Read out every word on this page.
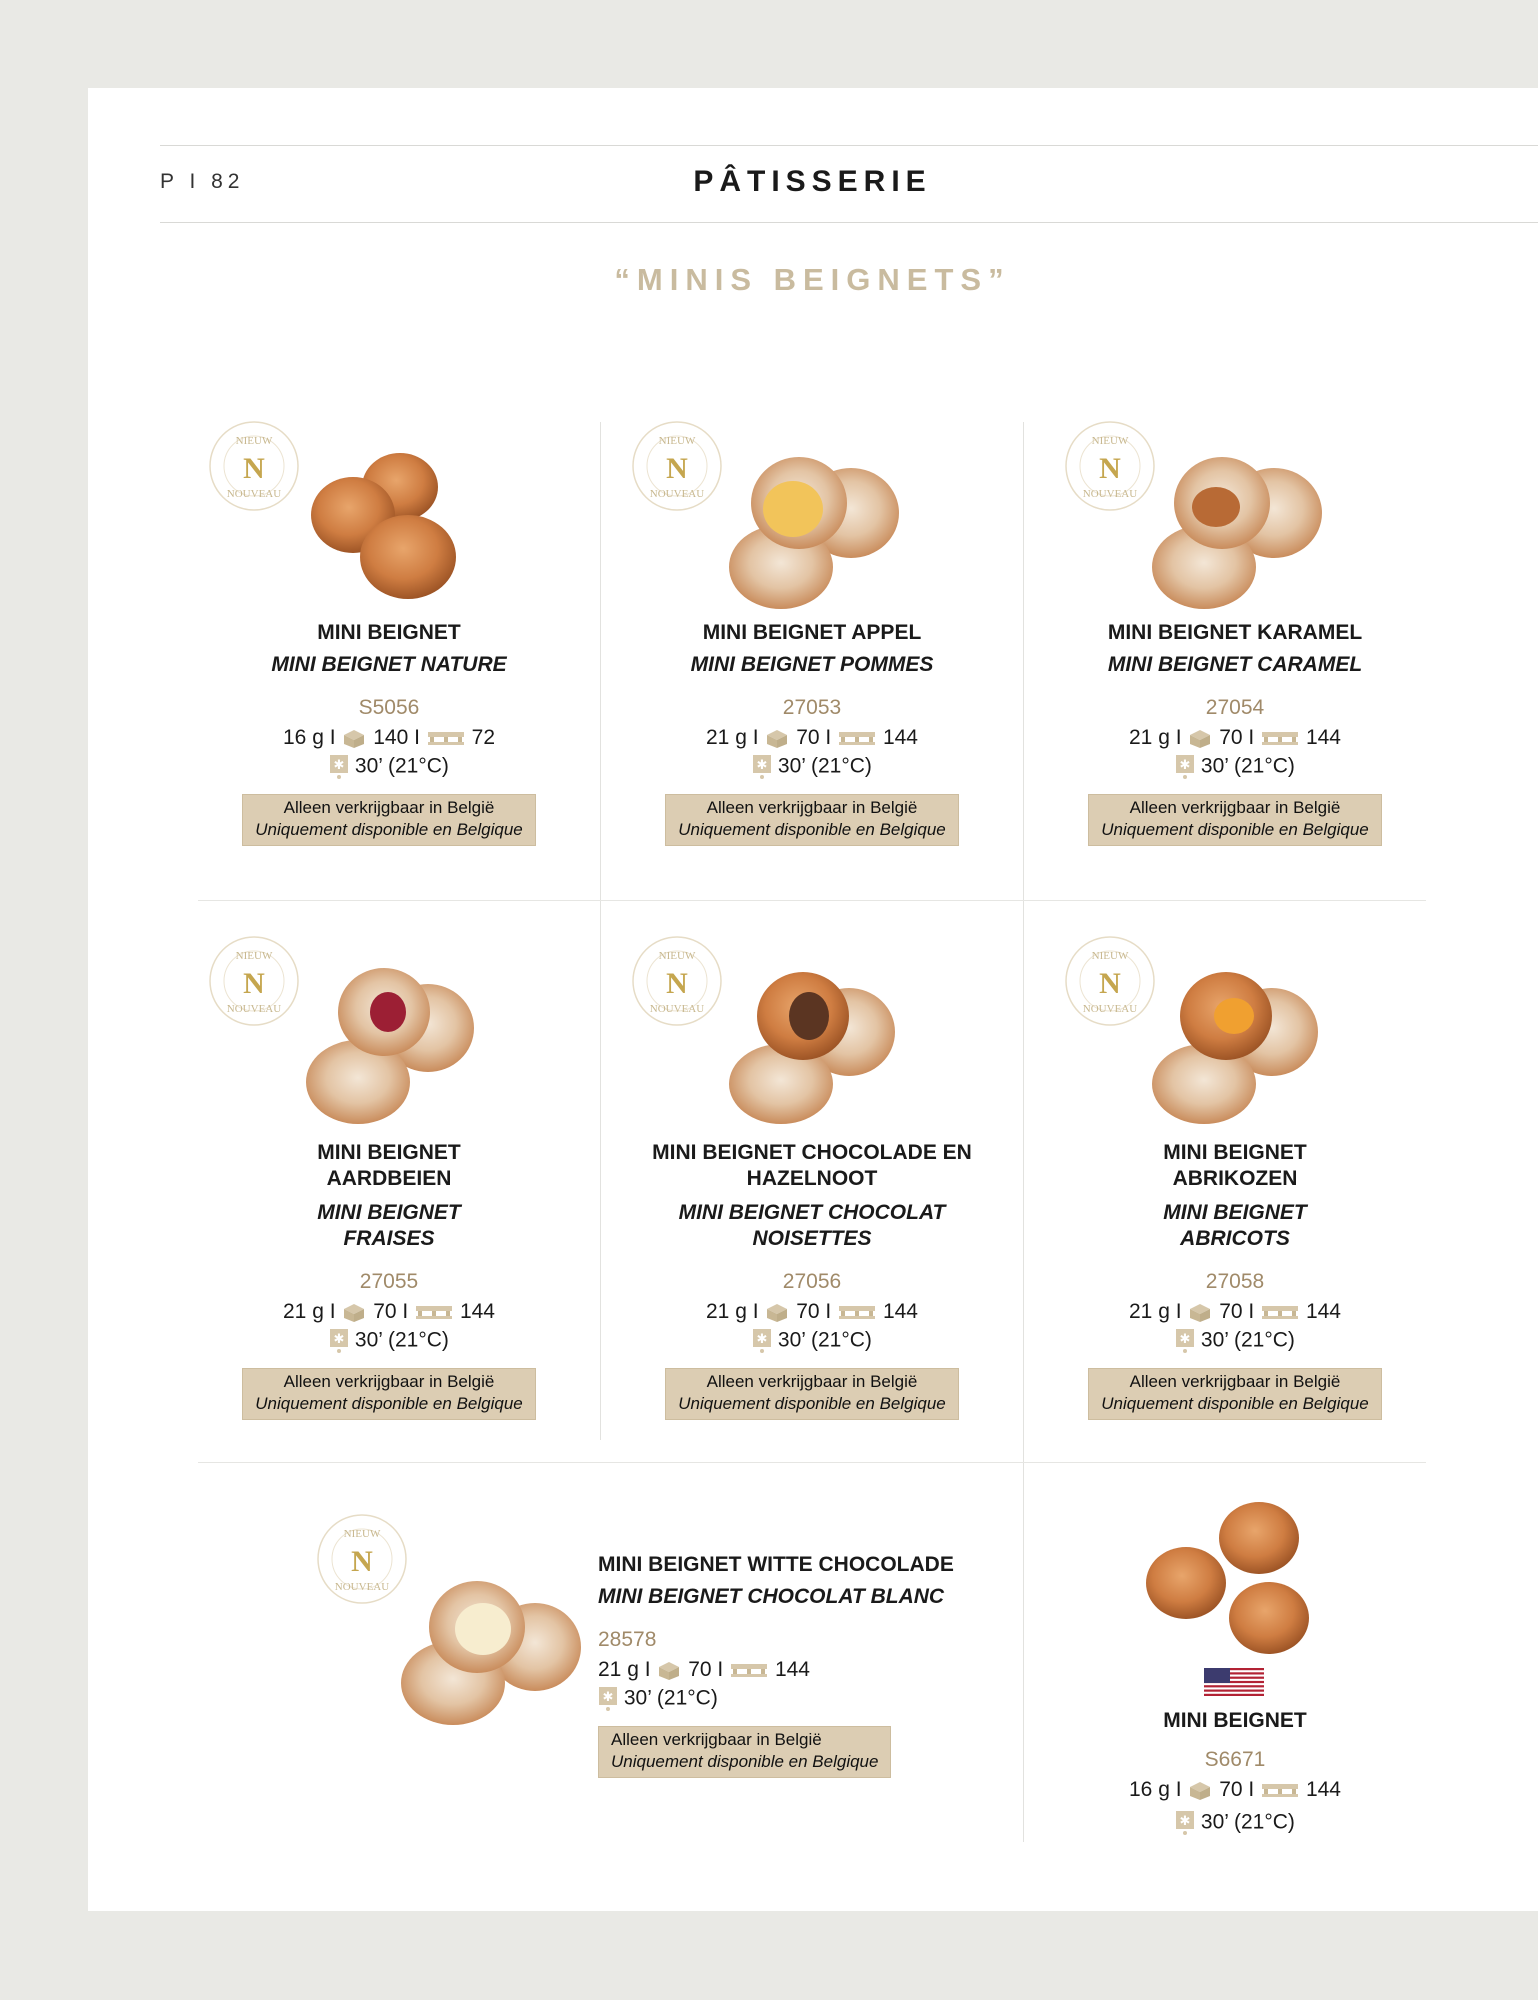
P I 82	PÂTISSERIE
“MINIS BEIGNETS”
NIEUW
N
NOUVEAU
MINI BEIGNET
MINI BEIGNET NATURE
S5056
16 g I 140 I 72
✱ 30’ (21°C)
Alleen verkrijgbaar in België
Uniquement disponible en Belgique
NIEUW
N
NOUVEAU
MINI BEIGNET APPEL
MINI BEIGNET POMMES
27053
21 g I 70 I 144
✱ 30’ (21°C)
Alleen verkrijgbaar in België
Uniquement disponible en Belgique
NIEUW
N
NOUVEAU
MINI BEIGNET KARAMEL
MINI BEIGNET CARAMEL
27054
21 g I 70 I 144
✱ 30’ (21°C)
Alleen verkrijgbaar in België
Uniquement disponible en Belgique
NIEUW
N
NOUVEAU
MINI BEIGNET AARDBEIEN
MINI BEIGNET FRAISES
27055
21 g I 70 I 144
✱ 30’ (21°C)
Alleen verkrijgbaar in België
Uniquement disponible en Belgique
NIEUW
N
NOUVEAU
MINI BEIGNET CHOCOLADE EN HAZELNOOT
MINI BEIGNET CHOCOLAT NOISETTES
27056
21 g I 70 I 144
✱ 30’ (21°C)
Alleen verkrijgbaar in België
Uniquement disponible en Belgique
NIEUW
N
NOUVEAU
MINI BEIGNET ABRIKOZEN
MINI BEIGNET ABRICOTS
27058
21 g I 70 I 144
✱ 30’ (21°C)
Alleen verkrijgbaar in België
Uniquement disponible en Belgique
NIEUW
N
NOUVEAU
MINI BEIGNET WITTE CHOCOLADE
MINI BEIGNET CHOCOLAT BLANC
28578
21 g I 70 I 144
✱ 30’ (21°C)
Alleen verkrijgbaar in België
Uniquement disponible en Belgique
MINI BEIGNET
S6671
16 g I 70 I 144
✱ 30’ (21°C)
